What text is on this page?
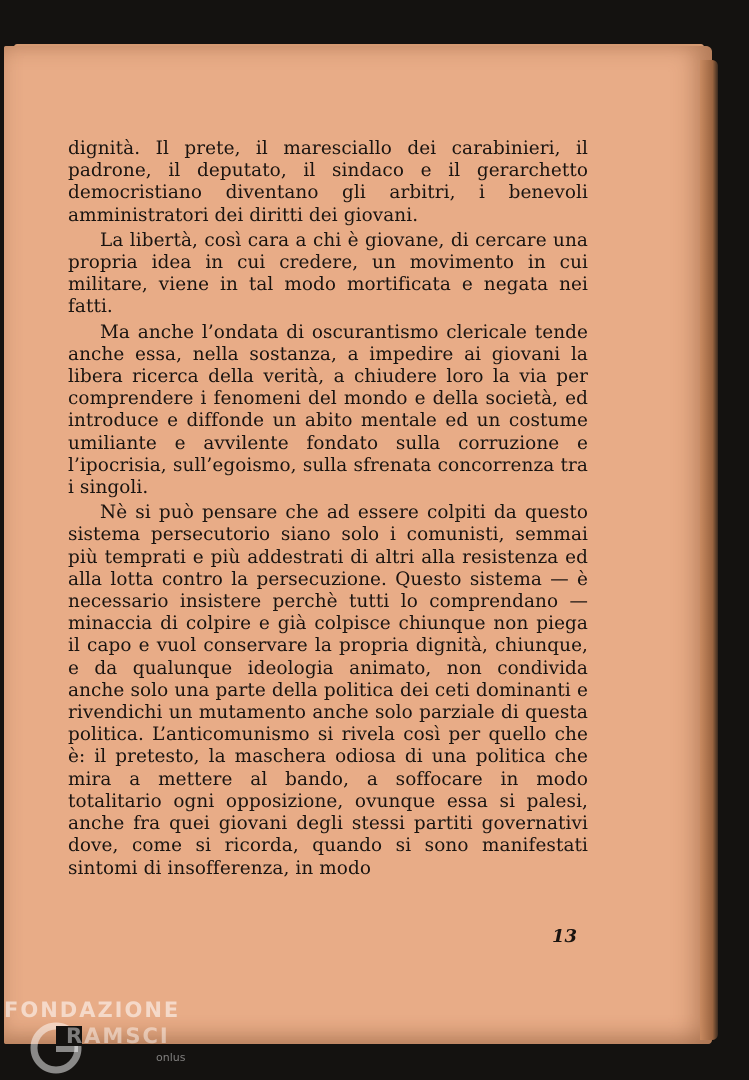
dignità. Il prete, il maresciallo dei carabinieri, il padrone, il deputato, il sindaco e il gerarchetto democristiano diventano gli arbitri, i benevoli amministratori dei diritti dei giovani.

La libertà, così cara a chi è giovane, di cercare una propria idea in cui credere, un movimento in cui militare, viene in tal modo mortificata e negata nei fatti.

Ma anche l’ondata di oscurantismo clericale tende anche essa, nella sostanza, a impedire ai giovani la libera ricerca della verità, a chiudere loro la via per comprendere i fenomeni del mondo e della società, ed introduce e diffonde un abito mentale ed un costume umiliante e avvilente fondato sulla corruzione e l’ipocrisia, sull’egoismo, sulla sfrenata concorrenza tra i singoli.

Nè si può pensare che ad essere colpiti da questo sistema persecutorio siano solo i comunisti, semmai più temprati e più addestrati di altri alla resistenza ed alla lotta contro la persecuzione. Questo sistema — è necessario insistere perchè tutti lo comprendano — minaccia di colpire e già colpisce chiunque non piega il capo e vuol conservare la propria dignità, chiunque, e da qualunque ideologia animato, non condivida anche solo una parte della politica dei ceti dominanti e rivendichi un mutamento anche solo parziale di questa politica. L’anticomunismo si rivela così per quello che è: il pretesto, la maschera odiosa di una politica che mira a mettere al bando, a soffocare in modo totalitario ogni opposizione, ovunque essa si palesi, anche fra quei giovani degli stessi partiti governativi dove, come si ricorda, quando si sono manifestati sintomi di insofferenza, in modo

13
FONDAZIONE
RAMSCI
onlus
